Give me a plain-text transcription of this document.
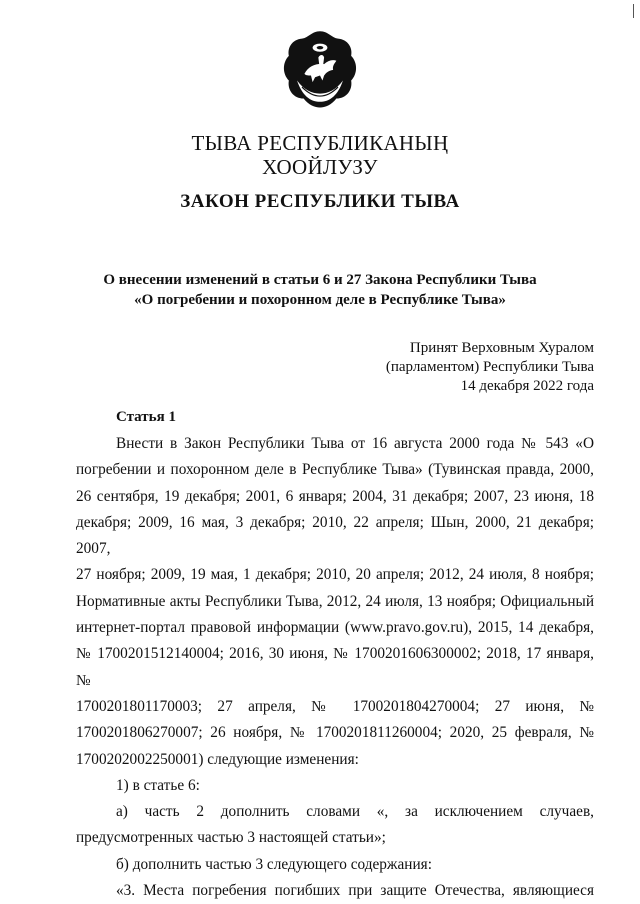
ТЫВА РЕСПУБЛИКАНЫҢ
ХООЙЛУЗУ
ЗАКОН РЕСПУБЛИКИ ТЫВА
О внесении изменений в статьи 6 и 27 Закона Республики Тыва
«О погребении и похоронном деле в Республике Тыва»
Принят Верховным Хуралом
(парламентом) Республики Тыва
14 декабря 2022 года
Статья 1

Внести в Закон Республики Тыва от 16 августа 2000 года № 543 «О

погребении и похоронном деле в Республике Тыва» (Тувинская правда, 2000,

26 сентября, 19 декабря; 2001, 6 января; 2004, 31 декабря; 2007, 23 июня, 18

декабря; 2009, 16 мая, 3 декабря; 2010, 22 апреля; Шын, 2000, 21 декабря; 2007,

27 ноября; 2009, 19 мая, 1 декабря; 2010, 20 апреля; 2012, 24 июля, 8 ноября;

Нормативные акты Республики Тыва, 2012, 24 июля, 13 ноября; Официальный

интернет-портал правовой информации (www.pravo.gov.ru), 2015, 14 декабря,

№ 1700201512140004; 2016, 30 июня, № 1700201606300002; 2018, 17 января, №

1700201801170003; 27 апреля, № 1700201804270004; 27 июня, №

1700201806270007; 26 ноября, № 1700201811260004; 2020, 25 февраля, №

1700202002250001) следующие изменения:

1) в статье 6:

а) часть 2 дополнить словами «, за исключением случаев,

предусмотренных частью 3 настоящей статьи»;

б) дополнить частью 3 следующего содержания:

«3. Места погребения погибших при защите Отечества, являющиеся
